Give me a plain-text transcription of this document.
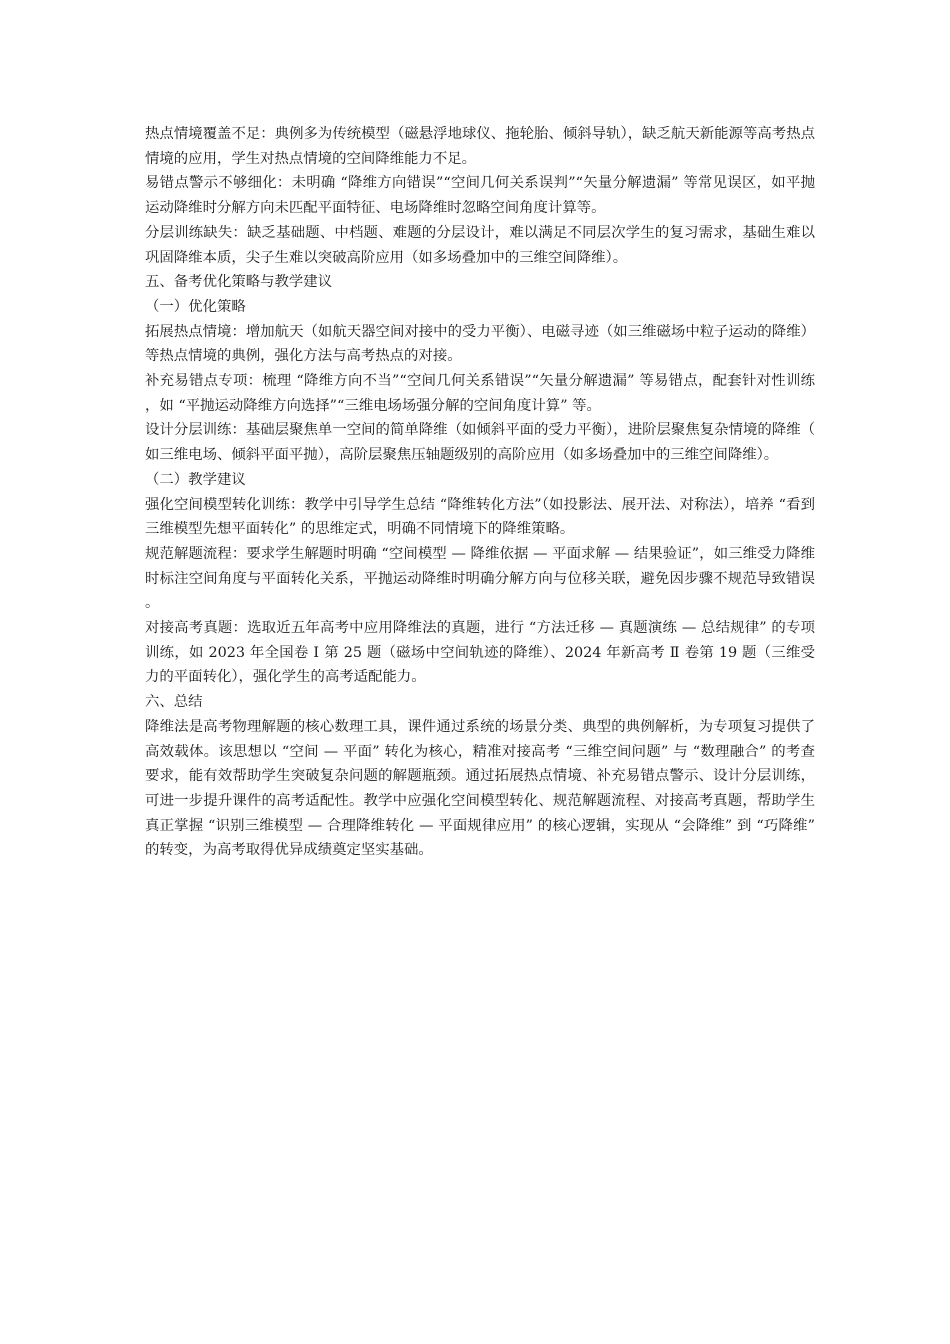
热点情境覆盖不足：典例多为传统模型（磁悬浮地球仪、拖轮胎、倾斜导轨），缺乏航天新能源等高考热点情境的应用，学生对热点情境的空间降维能力不足。

易错点警示不够细化：未明确 “降维方向错误”“空间几何关系误判”“矢量分解遗漏” 等常见误区，如平抛运动降维时分解方向未匹配平面特征、电场降维时忽略空间角度计算等。

分层训练缺失：缺乏基础题、中档题、难题的分层设计，难以满足不同层次学生的复习需求，基础生难以巩固降维本质，尖子生难以突破高阶应用（如多场叠加中的三维空间降维）。

五、备考优化策略与教学建议

（一）优化策略

拓展热点情境：增加航天（如航天器空间对接中的受力平衡）、电磁寻迹（如三维磁场中粒子运动的降维）等热点情境的典例，强化方法与高考热点的对接。

补充易错点专项：梳理 “降维方向不当”“空间几何关系错误”“矢量分解遗漏” 等易错点，配套针对性训练，如 “平抛运动降维方向选择”“三维电场场强分解的空间角度计算” 等。

设计分层训练：基础层聚焦单一空间的简单降维（如倾斜平面的受力平衡），进阶层聚焦复杂情境的降维（如三维电场、倾斜平面平抛），高阶层聚焦压轴题级别的高阶应用（如多场叠加中的三维空间降维）。

（二）教学建议

强化空间模型转化训练：教学中引导学生总结 “降维转化方法”（如投影法、展开法、对称法），培养 “看到三维模型先想平面转化” 的思维定式，明确不同情境下的降维策略。

规范解题流程：要求学生解题时明确 “空间模型 — 降维依据 — 平面求解 — 结果验证”，如三维受力降维时标注空间角度与平面转化关系，平抛运动降维时明确分解方向与位移关联，避免因步骤不规范导致错误。

对接高考真题：选取近五年高考中应用降维法的真题，进行 “方法迁移 — 真题演练 — 总结规律” 的专项训练，如 2023 年全国卷 Ⅰ 第 25 题（磁场中空间轨迹的降维）、2024 年新高考 Ⅱ 卷第 19 题（三维受力的平面转化），强化学生的高考适配能力。

六、总结

降维法是高考物理解题的核心数理工具，课件通过系统的场景分类、典型的典例解析，为专项复习提供了高效载体。该思想以 “空间 — 平面” 转化为核心，精准对接高考 “三维空间问题” 与 “数理融合” 的考查要求，能有效帮助学生突破复杂问题的解题瓶颈。通过拓展热点情境、补充易错点警示、设计分层训练，可进一步提升课件的高考适配性。教学中应强化空间模型转化、规范解题流程、对接高考真题，帮助学生真正掌握 “识别三维模型 — 合理降维转化 — 平面规律应用” 的核心逻辑，实现从 “会降维” 到 “巧降维” 的转变，为高考取得优异成绩奠定坚实基础。
